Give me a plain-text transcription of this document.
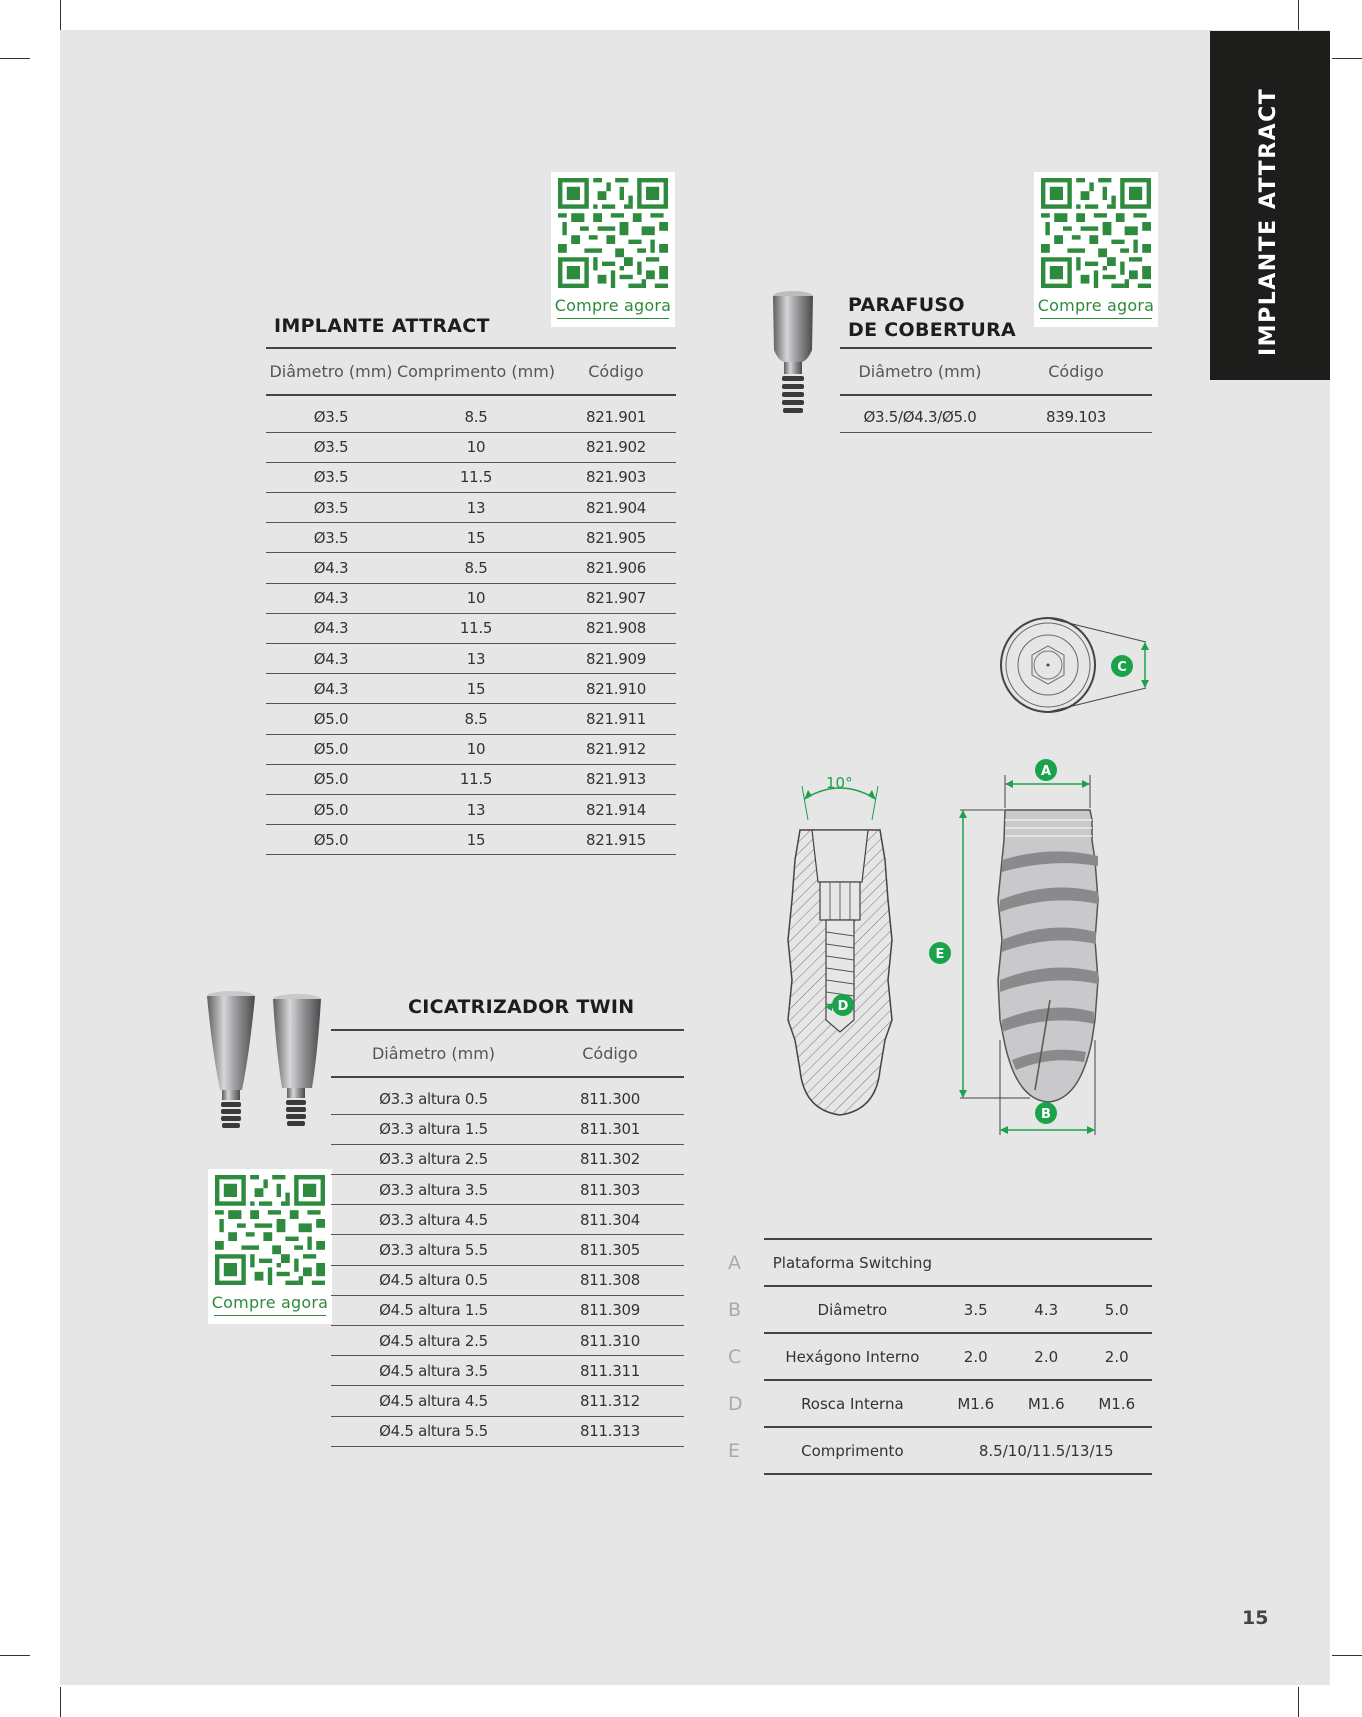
IMPLANTE ATTRACT
IMPLANTE ATTRACT
Compre agora
Diâmetro (mm)	Comprimento (mm)	Código

Ø3.5	8.5	821.901
Ø3.5	10	821.902
Ø3.5	11.5	821.903
Ø3.5	13	821.904
Ø3.5	15	821.905
Ø4.3	8.5	821.906
Ø4.3	10	821.907
Ø4.3	11.5	821.908
Ø4.3	13	821.909
Ø4.3	15	821.910
Ø5.0	8.5	821.911
Ø5.0	10	821.912
Ø5.0	11.5	821.913
Ø5.0	13	821.914
Ø5.0	15	821.915
PARAFUSO
DE COBERTURA
Compre agora
Diâmetro (mm)	Código

Ø3.5/Ø4.3/Ø5.0	839.103
CICATRIZADOR TWIN
Compre agora
Diâmetro (mm)	Código

Ø3.3 altura 0.5	811.300
Ø3.3 altura 1.5	811.301
Ø3.3 altura 2.5	811.302
Ø3.3 altura 3.5	811.303
Ø3.3 altura 4.5	811.304
Ø3.3 altura 5.5	811.305
Ø4.5 altura 0.5	811.308
Ø4.5 altura 1.5	811.309
Ø4.5 altura 2.5	811.310
Ø4.5 altura 3.5	811.311
Ø4.5 altura 4.5	811.312
Ø4.5 altura 5.5	811.313
10°
A
B
C
D
E
A	Plataforma Switching			
B	Diâmetro	3.5	4.3	5.0
C	Hexágono Interno	2.0	2.0	2.0
D	Rosca Interna	M1.6	M1.6	M1.6
E	Comprimento	8.5/10/11.5/13/15		
15
